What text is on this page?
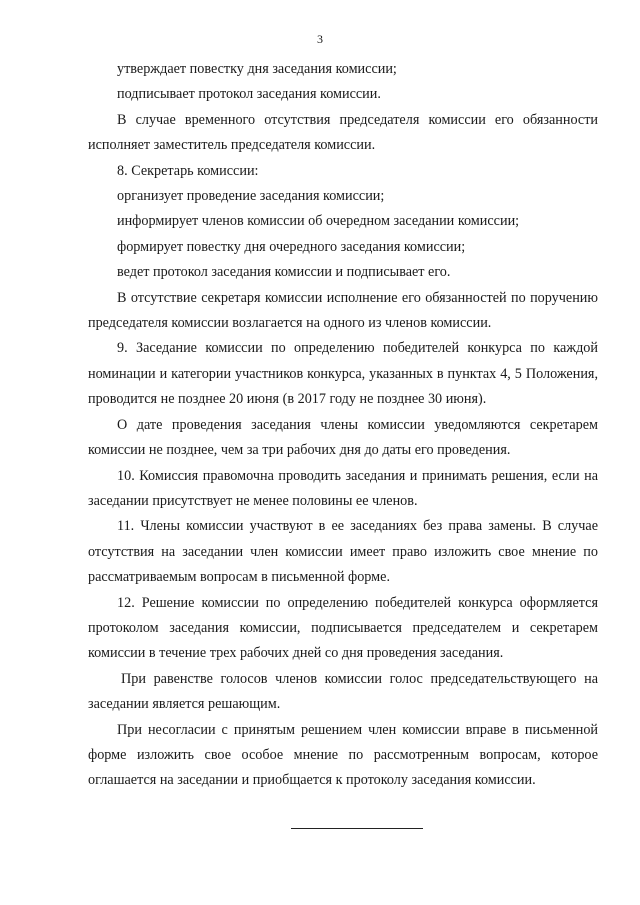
3

утверждает повестку дня заседания комиссии;

подписывает протокол заседания комиссии.

В случае временного отсутствия председателя комиссии его обязанности исполняет заместитель председателя комиссии.

8. Секретарь комиссии:

организует проведение заседания комиссии;

информирует членов комиссии об очередном заседании комиссии;

формирует повестку дня очередного заседания комиссии;

ведет протокол заседания комиссии и подписывает его.

В отсутствие секретаря комиссии исполнение его обязанностей по поручению председателя комиссии возлагается на одного из членов комиссии.

9. Заседание комиссии по определению победителей конкурса по каждой номинации и категории участников конкурса, указанных в пунктах 4, 5 Положения, проводится не позднее 20 июня (в 2017 году не позднее 30 июня).

О дате проведения заседания члены комиссии уведомляются секретарем комиссии не позднее, чем за три рабочих дня до даты его проведения.

10. Комиссия правомочна проводить заседания и принимать решения, если на заседании присутствует не менее половины ее членов.

11. Члены комиссии участвуют в ее заседаниях без права замены. В случае отсутствия на заседании член комиссии имеет право изложить свое мнение по рассматриваемым вопросам в письменной форме.

12. Решение комиссии по определению победителей конкурса оформляется протоколом заседания комиссии, подписывается председателем и секретарем комиссии в течение трех рабочих дней со дня проведения заседания.

При равенстве голосов членов комиссии голос председательствующего на заседании является решающим.

При несогласии с принятым решением член комиссии вправе в письменной форме изложить свое особое мнение по рассмотренным вопросам, которое оглашается на заседании и приобщается к протоколу заседания комиссии.
